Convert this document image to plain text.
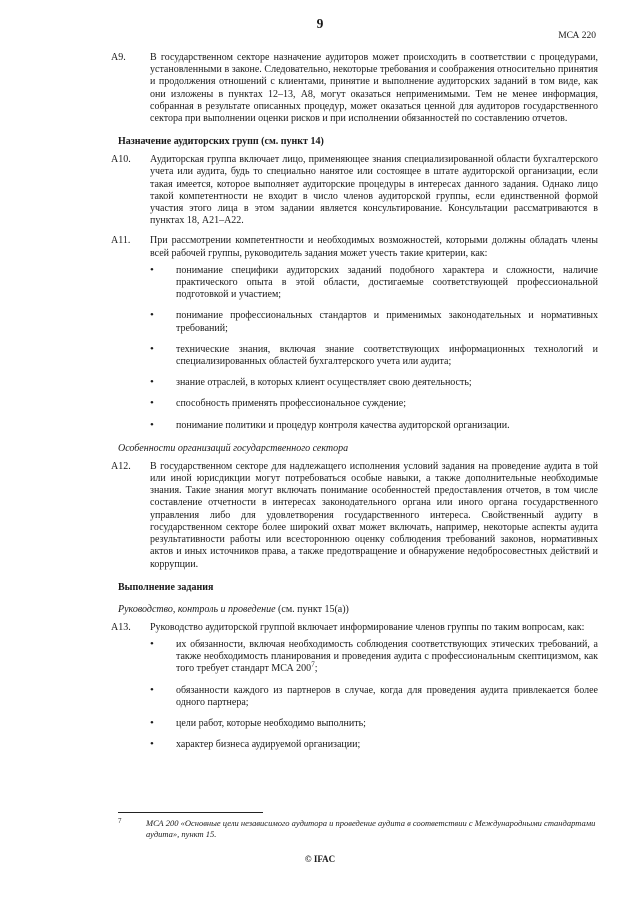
9
МСА 220
A9. В государственном секторе назначение аудиторов может происходить в соответствии с процедурами, установленными в законе. Следовательно, некоторые требования и соображения относительно принятия и продолжения отношений с клиентами, принятие и выполнение аудиторских заданий в том виде, как они изложены в пунктах 12–13, A8, могут оказаться неприменимыми. Тем не менее информация, собранная в результате описанных процедур, может оказаться ценной для аудиторов государственного сектора при выполнении оценки рисков и при исполнении обязанностей по составлению отчетов.
Назначение аудиторских групп (см. пункт 14)
A10. Аудиторская группа включает лицо, применяющее знания специализированной области бухгалтерского учета или аудита, будь то специально нанятое или состоящее в штате аудиторской организации, если такая имеется, которое выполняет аудиторские процедуры в интересах данного задания. Однако лицо такой компетентности не входит в число членов аудиторской группы, если единственной формой участия этого лица в этом задании является консультирование. Консультации рассматриваются в пунктах 18, A21–A22.
A11. При рассмотрении компетентности и необходимых возможностей, которыми должны обладать члены всей рабочей группы, руководитель задания может учесть такие критерии, как:
• понимание специфики аудиторских заданий подобного характера и сложности, наличие практического опыта в этой области, достигаемые соответствующей профессиональной подготовкой и участием;
• понимание профессиональных стандартов и применимых законодательных и нормативных требований;
• технические знания, включая знание соответствующих информационных технологий и специализированных областей бухгалтерского учета или аудита;
• знание отраслей, в которых клиент осуществляет свою деятельность;
• способность применять профессиональное суждение;
• понимание политики и процедур контроля качества аудиторской организации.
Особенности организаций государственного сектора
A12. В государственном секторе для надлежащего исполнения условий задания на проведение аудита в той или иной юрисдикции могут потребоваться особые навыки, а также дополнительные необходимые знания. Такие знания могут включать понимание особенностей предоставления отчетов, в том числе составление отчетности в интересах законодательного органа или иного органа государственного управления либо для удовлетворения государственного интереса. Свойственный аудиту в государственном секторе более широкий охват может включать, например, некоторые аспекты аудита результативности работы или всестороннюю оценку соблюдения требований законов, нормативных актов и иных источников права, а также предотвращение и обнаружение недобросовестных действий и коррупции.
Выполнение задания
Руководство, контроль и проведение (см. пункт 15(a))
A13. Руководство аудиторской группой включает информирование членов группы по таким вопросам, как:
• их обязанности, включая необходимость соблюдения соответствующих этических требований, а также необходимость планирования и проведения аудита с профессиональным скептицизмом, как того требует стандарт МСА $200^7$;
• обязанности каждого из партнеров в случае, когда для проведения аудита привлекается более одного партнера;
• цели работ, которые необходимо выполнить;
• характер бизнеса аудируемой организации;
7	МСА 200 «Основные цели независимого аудитора и проведение аудита в соответствии с Международными стандартами аудита», пункт 15.
© IFAC
